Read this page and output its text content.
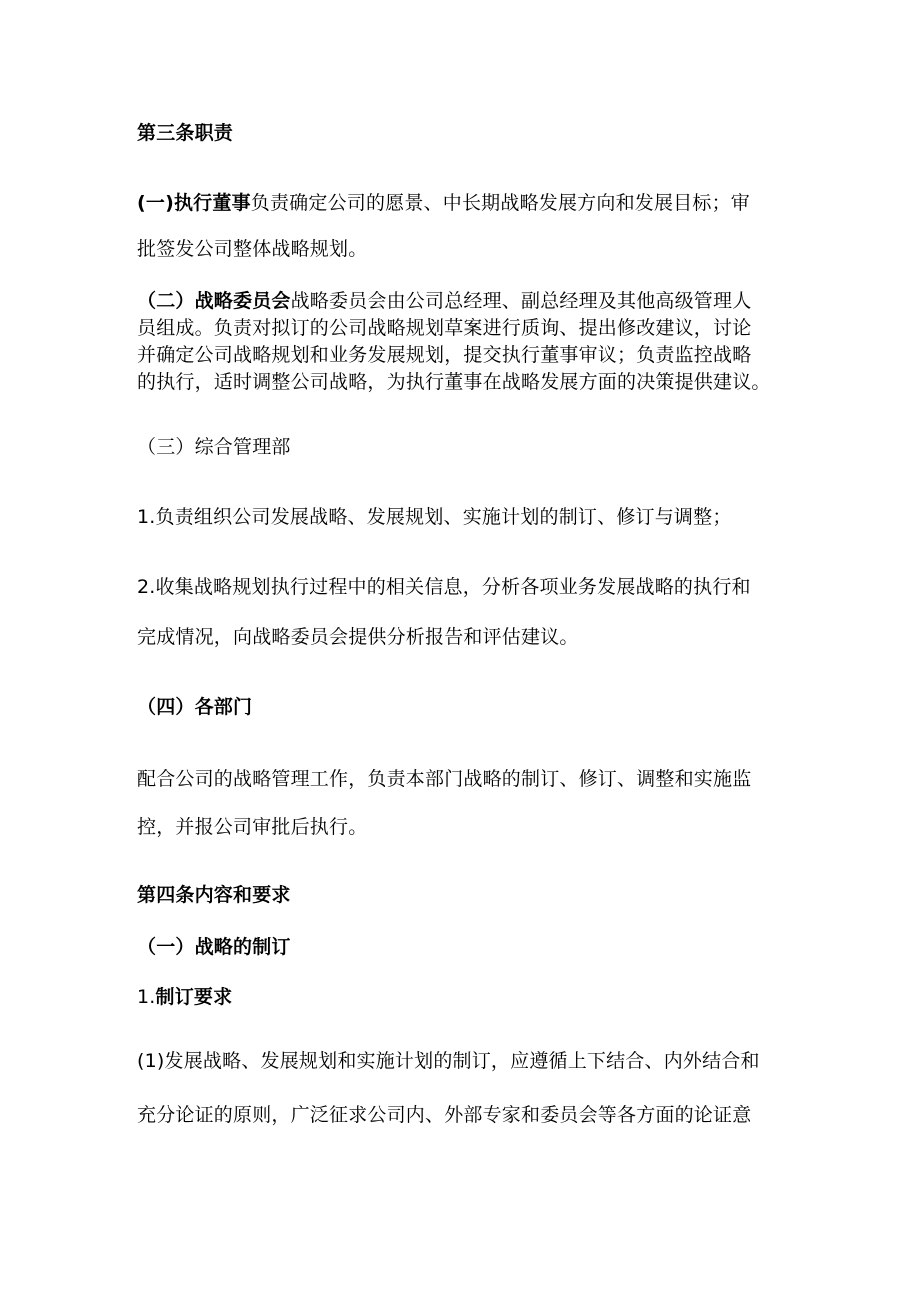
第三条职责

(一)执行董事负责确定公司的愿景、中长期战略发展方向和发展目标；审

批签发公司整体战略规划。

（二）战略委员会战略委员会由公司总经理、副总经理及其他高级管理人

员组成。负责对拟订的公司战略规划草案进行质询、提出修改建议，讨论

并确定公司战略规划和业务发展规划，提交执行董事审议；负责监控战略

的执行，适时调整公司战略，为执行董事在战略发展方面的决策提供建议。

（三）综合管理部

1.负责组织公司发展战略、发展规划、实施计划的制订、修订与调整；

2.收集战略规划执行过程中的相关信息，分析各项业务发展战略的执行和

完成情况，向战略委员会提供分析报告和评估建议。

（四）各部门

配合公司的战略管理工作，负责本部门战略的制订、修订、调整和实施监

控，并报公司审批后执行。

第四条内容和要求

（一）战略的制订

1.制订要求

(1)发展战略、发展规划和实施计划的制订，应遵循上下结合、内外结合和

充分论证的原则，广泛征求公司内、外部专家和委员会等各方面的论证意
